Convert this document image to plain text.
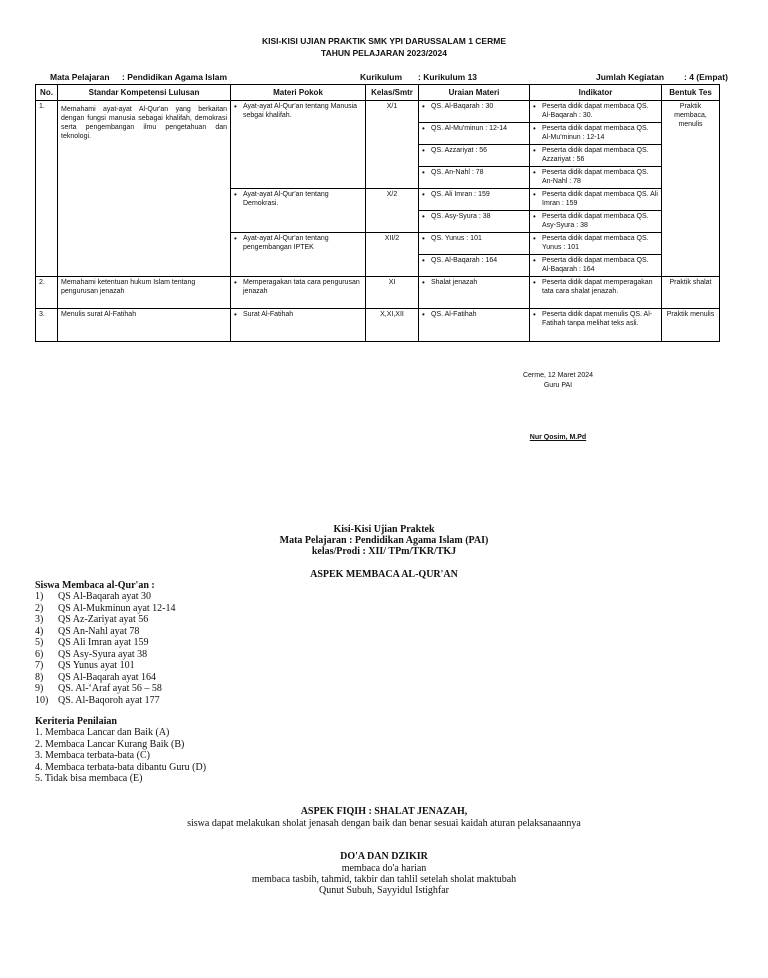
KISI-KISI UJIAN PRAKTIK SMK YPI DARUSSALAM 1 CERME
TAHUN PELAJARAN 2023/2024
Mata Pelajaran : Pendidikan Agama Islam	Kurikulum : Kurikulum 13	Jumlah Kegiatan : 4 (Empat)
No.	Standar Kompetensi Lulusan	Materi Pokok	Kelas/Smtr	Uraian Materi	Indikator	Bentuk Tes
1.	Memahami ayat-ayat Al-Qur'an yang berkaitan dengan fungsi manusia sebagai khalifah, demokrasi serta pengembangan ilmu pengetahuan dan teknologi.	• Ayat-ayat Al-Qur'an tentang Manusia sebgai khalifah.	X/1	• QS. Al-Baqarah : 30	• Peserta didik dapat membaca QS. Al-Baqarah : 30.	Praktik membaca, menulis

				• QS. Al-Mu'minun : 12-14	• Peserta didik dapat membaca QS. Al-Mu'minun : 12-14	

				• QS. Azzariyat : 56	• Peserta didik dapat membaca QS. Azzariyat : 56	

				• QS. An-Nahl : 78	• Peserta didik dapat membaca QS. An-Nahl : 78	

		• Ayat-ayat Al-Qur'an tentang Demokrasi.	X/2	• QS. Ali Imran : 159	• Peserta didik dapat membaca QS. Ali Imran : 159	

				• QS. Asy-Syura : 38	• Peserta didik dapat membaca QS. Asy-Syura : 38	

		• Ayat-ayat Al-Qur'an tentang pengembangan IPTEK	XII/2	• QS. Yunus : 101	• Peserta didik dapat membaca QS. Yunus : 101	

				• QS. Al-Baqarah : 164	• Peserta didik dapat membaca QS. Al-Baqarah : 164	

2.	Memahami ketentuan hukum Islam tentang pengurusan jenazah	• Memperagakan tata cara pengurusan jenazah	XI	• Shalat jenazah	• Peserta didik dapat memperagakan tata cara shalat jenazah.	Praktik shalat
3.	Menulis surat Al-Fatihah	• Surat Al-Fatihah	X,XI,XII	• QS. Al-Fatihah	• Peserta didik dapat menulis QS. Al-Fatihah tanpa melihat teks asli.	Praktik menulis
Cerme, 12 Maret 2024
Guru PAI
Nur Qosim, M.Pd
Kisi-Kisi Ujian Praktek
Mata Pelajaran : Pendidikan Agama Islam (PAI)
kelas/Prodi : XII/ TPm/TKR/TKJ
ASPEK MEMBACA AL-QUR'AN
Siswa Membaca al-Qur'an :
1)	QS Al-Baqarah ayat 30
2)	QS Al-Mukminun ayat 12-14
3)	QS Az-Zariyat ayat 56
4)	QS An-Nahl ayat 78
5)	QS Ali Imran ayat 159
6)	QS Asy-Syura ayat 38
7)	QS Yunus ayat 101
8)	QS Al-Baqarah ayat 164
9)	QS. Al-‘Araf ayat 56 – 58
10) QS. Al-Baqoroh ayat 177
Keriteria Penilaian
1. Membaca Lancar dan Baik (A)
2. Membaca Lancar Kurang Baik (B)
3. Membaca terbata-bata (C)
4. Membaca terbata-bata dibantu Guru (D)
5. Tidak bisa membaca (E)
ASPEK FIQIH : SHALAT JENAZAH,
siswa dapat melakukan sholat jenasah dengan baik dan benar sesuai kaidah aturan pelaksanaannya
DO'A DAN DZIKIR
membaca do'a harian
membaca tasbih, tahmid, takbir dan tahlil setelah sholat maktubah
Qunut Subuh, Sayyidul Istighfar
